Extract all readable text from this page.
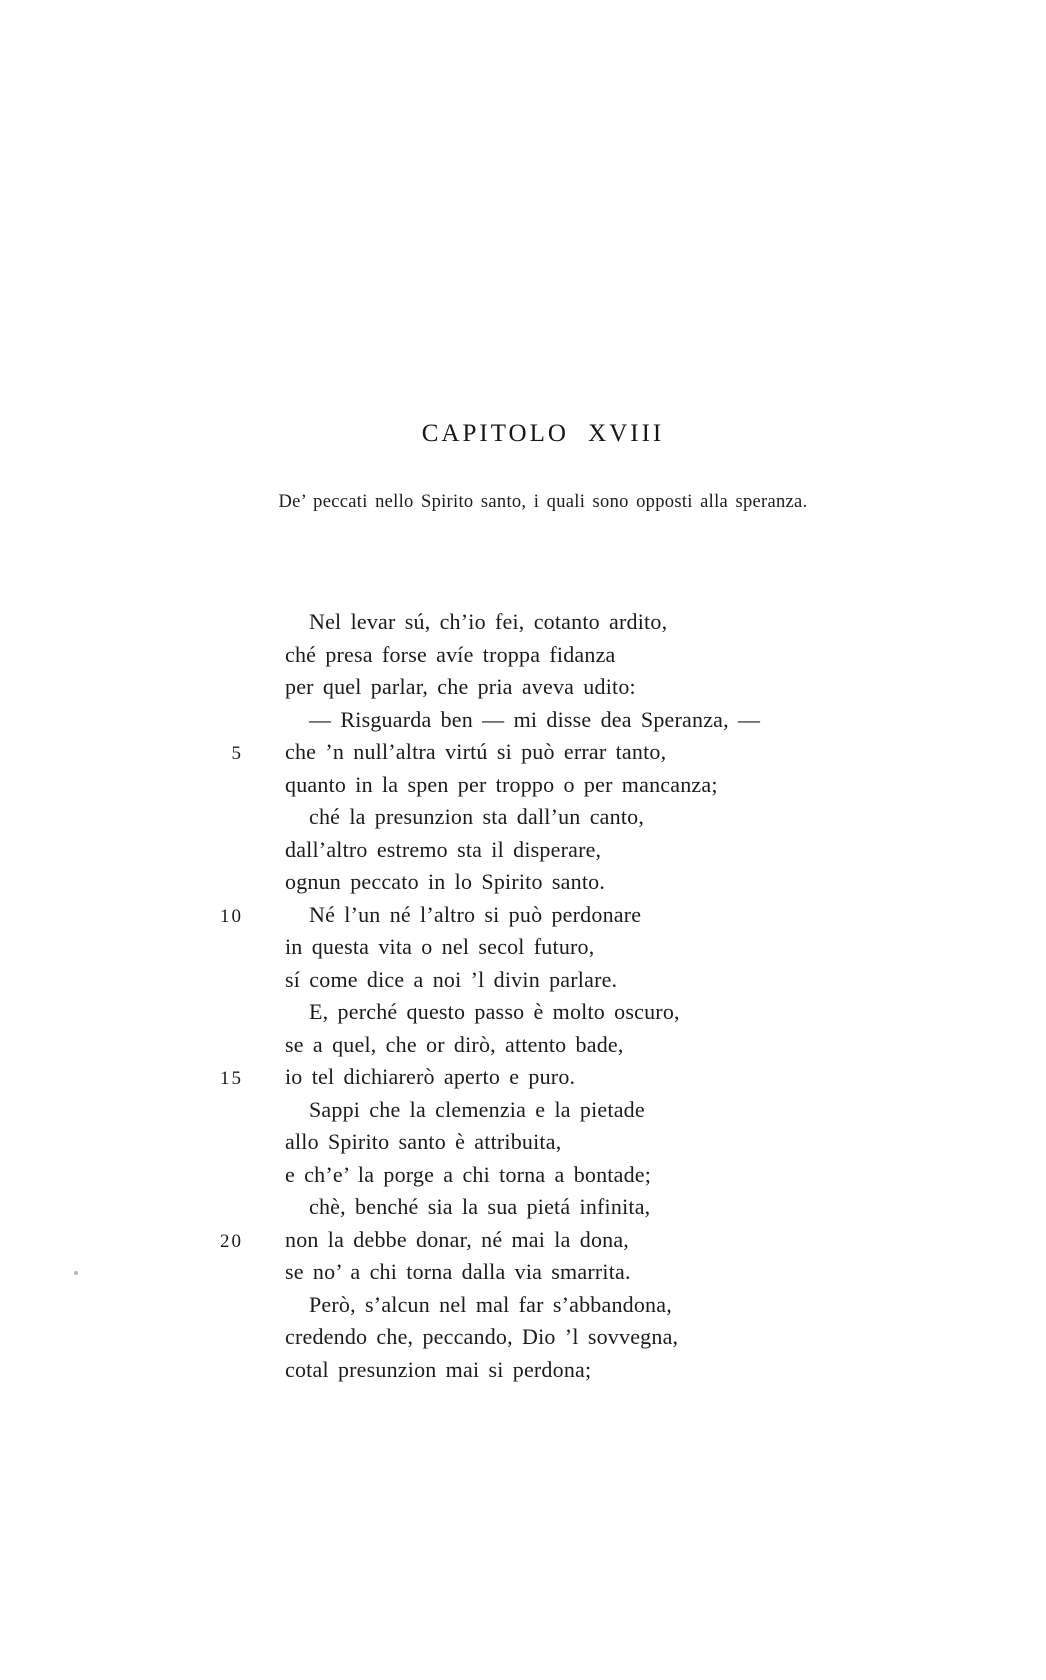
CAPITOLO XVIII

De’ peccati nello Spirito santo, i quali sono opposti alla speranza.

Nel levar sú, ch’io fei, cotanto ardito,
ché presa forse avíe troppa fidanza
per quel parlar, che pria aveva udito:
— Risguarda ben — mi disse dea Speranza, —
5	che ’n null’altra virtú si può errar tanto,
quanto in la spen per troppo o per mancanza;
ché la presunzion sta dall’un canto,
dall’altro estremo sta il disperare,
ognun peccato in lo Spirito santo.
10	Né l’un né l’altro si può perdonare
in questa vita o nel secol futuro,
sí come dice a noi ’l divin parlare.
E, perché questo passo è molto oscuro,
se a quel, che or dirò, attento bade,
15	io tel dichiarerò aperto e puro.
Sappi che la clemenzia e la pietade
allo Spirito santo è attribuita,
e ch’e’ la porge a chi torna a bontade;
chè, benché sia la sua pietá infinita,
20	non la debbe donar, né mai la dona,
se no’ a chi torna dalla via smarrita.
Però, s’alcun nel mal far s’abbandona,
credendo che, peccando, Dio ’l sovvegna,
cotal presunzion mai si perdona;
